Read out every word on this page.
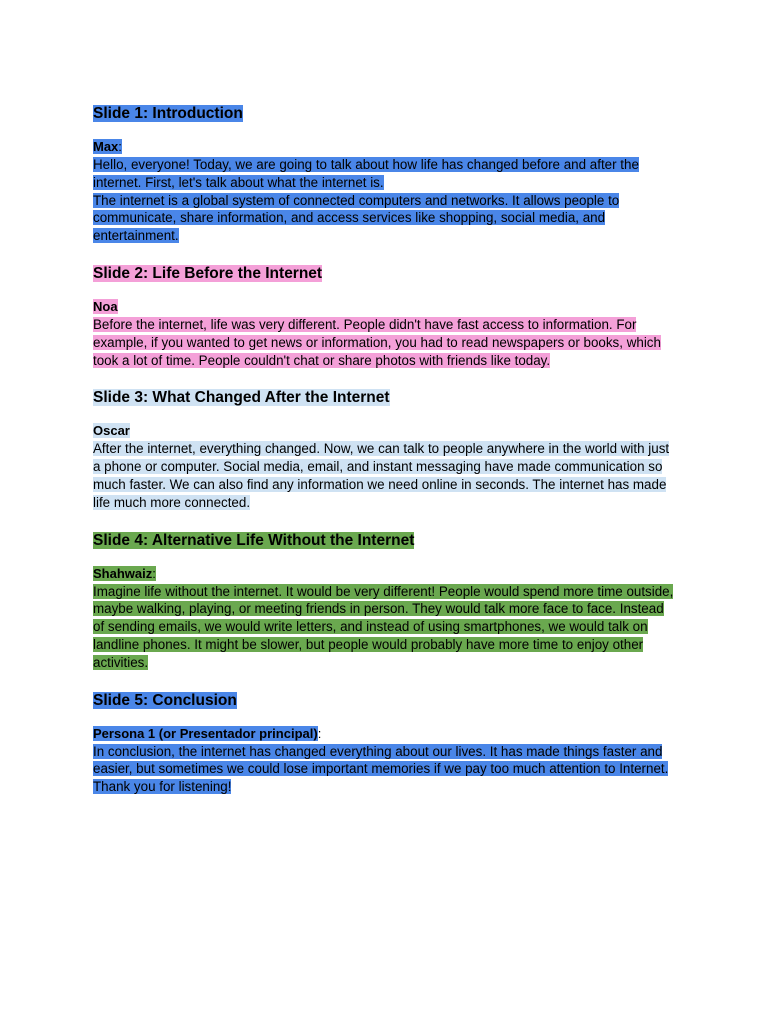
Slide 1: Introduction
Max:
Hello, everyone! Today, we are going to talk about how life has changed before and after the internet. First, let's talk about what the internet is.
The internet is a global system of connected computers and networks. It allows people to communicate, share information, and access services like shopping, social media, and entertainment.
Slide 2: Life Before the Internet
Noa
Before the internet, life was very different. People didn't have fast access to information. For example, if you wanted to get news or information, you had to read newspapers or books, which took a lot of time. People couldn't chat or share photos with friends like today.
Slide 3: What Changed After the Internet
Oscar
After the internet, everything changed. Now, we can talk to people anywhere in the world with just a phone or computer. Social media, email, and instant messaging have made communication so much faster. We can also find any information we need online in seconds. The internet has made life much more connected.
Slide 4: Alternative Life Without the Internet
Shahwaiz:
Imagine life without the internet. It would be very different! People would spend more time outside, maybe walking, playing, or meeting friends in person. They would talk more face to face. Instead of sending emails, we would write letters, and instead of using smartphones, we would talk on landline phones. It might be slower, but people would probably have more time to enjoy other activities.
Slide 5: Conclusion
Persona 1 (or Presentador principal):
In conclusion, the internet has changed everything about our lives. It has made things faster and easier, but sometimes we could lose important memories if we pay too much attention to Internet. Thank you for listening!
